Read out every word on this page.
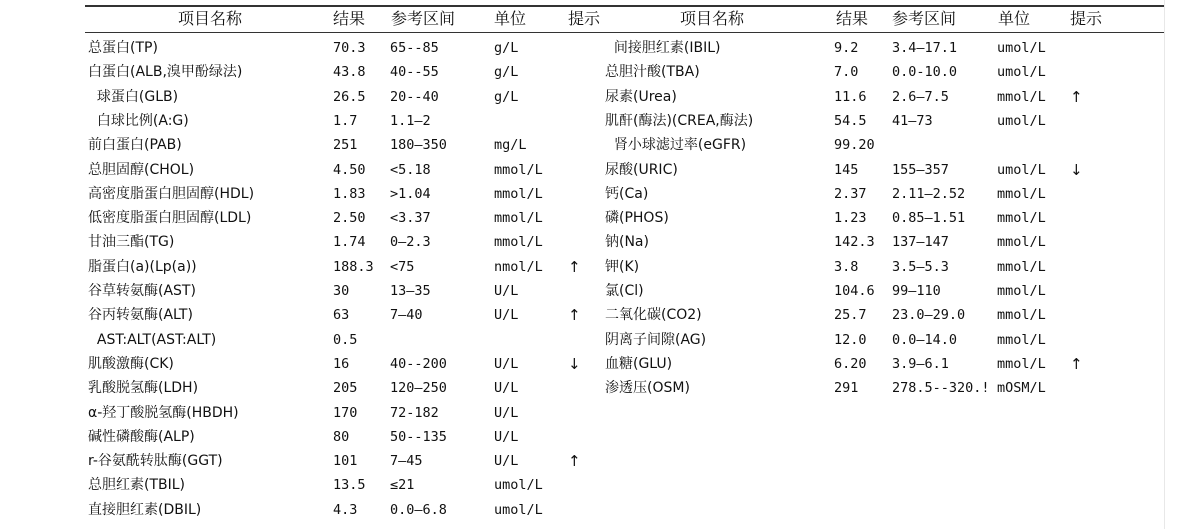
项目名称	结果 参考区间 单位	提示	项目名称	结果 参考区间	单位 提示
总蛋白(TP)	70.3 65--85	g/L
白蛋白(ALB,溴甲酚绿法)	43.8 40--55	g/L
球蛋白(GLB)	26.5 20--40	g/L
白球比例(A:G)	1.7 1.1—2
前白蛋白(PAB)	251 180—350	mg/L
总胆固醇(CHOL)	4.50 <5.18	mmol/L
高密度脂蛋白胆固醇(HDL)	1.83 >1.04	mmol/L
低密度脂蛋白胆固醇(LDL)	2.50 <3.37	mmol/L
甘油三酯(TG)	1.74 0—2.3	mmol/L
脂蛋白(a)(Lp(a))	188.3 <75	nmol/L ↑
谷草转氨酶(AST)	30	13—35	U/L
谷丙转氨酶(ALT)	63	7—40	U/L	↑
AST:ALT(AST:ALT)	0.5
肌酸激酶(CK)	16	40--200	U/L	↓
乳酸脱氢酶(LDH)	205 120—250	U/L
α-羟丁酸脱氢酶(HBDH)	170 72-182	U/L
碱性磷酸酶(ALP)	80	50--135	U/L
r-谷氨酰转肽酶(GGT)	101 7—45	U/L	↑
总胆红素(TBIL)	13.5 ≤21	umol/L
直接胆红素(DBIL)	4.3 0.0—6.8	umol/L
间接胆红素(IBIL)	9.2 3.4—17.1	umol/L
总胆汁酸(TBA)	7.0 0.0-10.0	umol/L
尿素(Urea)	11.6 2.6—7.5	mmol/L ↑
肌酐(酶法)(CREA,酶法)	54.5 41—73	umol/L
肾小球滤过率(eGFR)	99.20
尿酸(URIC)	145 155—357	umol/L ↓
钙(Ca)	2.37 2.11—2.52 mmol/L
磷(PHOS)	1.23 0.85—1.51 mmol/L
钠(Na)	142.3 137—147	mmol/L
钾(K)	3.8 3.5—5.3	mmol/L
氯(Cl)	104.6 99—110	mmol/L
二氧化碳(CO2)	25.7 23.0—29.0 mmol/L
阴离子间隙(AG)	12.0 0.0—14.0	mmol/L
血糖(GLU)	6.20 3.9—6.1	mmol/L ↑
渗透压(OSM)	291 278.5--320.! mOSM/L
